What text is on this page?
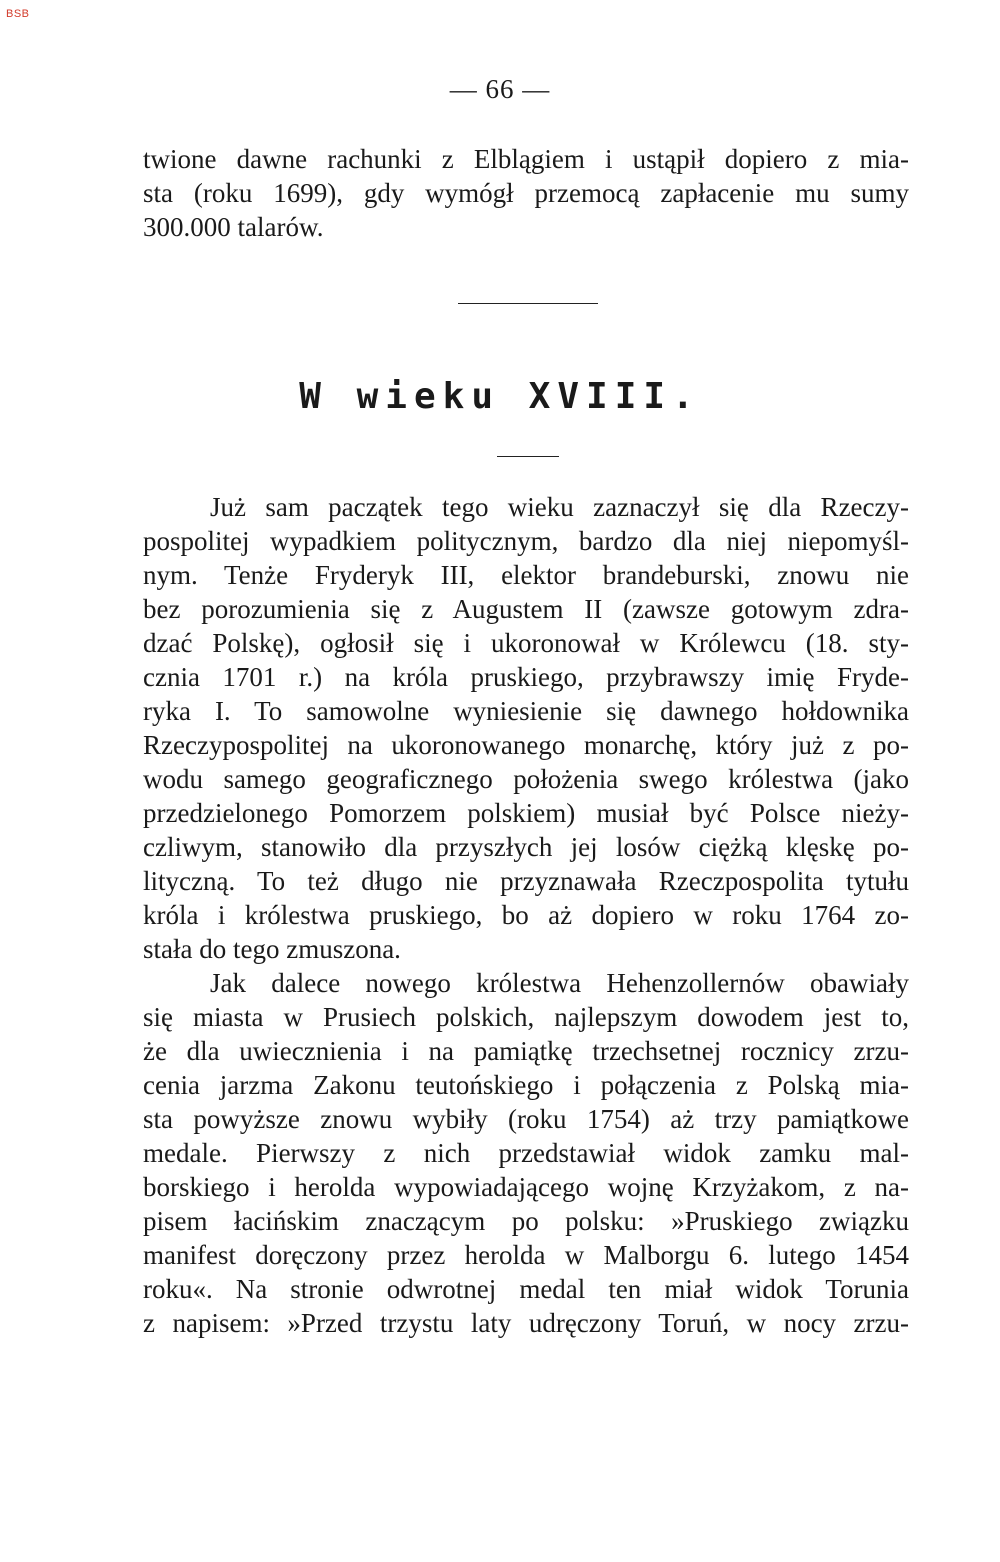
BSB
— 66 —
twione dawne rachunki z Elblągiem i ustąpił dopiero z mia-
sta (roku 1699), gdy wymógł przemocą zapłacenie mu sumy
300.000 talarów.
W wieku XVIII.
Już sam paczątek tego wieku zaznaczył się dla Rzeczy-
pospolitej wypadkiem politycznym, bardzo dla niej niepomyśl-
nym. Tenże Fryderyk III, elektor brandeburski, znowu nie
bez porozumienia się z Augustem II (zawsze gotowym zdra-
dzać Polskę), ogłosił się i ukoronował w Królewcu (18. sty-
cznia 1701 r.) na króla pruskiego, przybrawszy imię Fryde-
ryka I. To samowolne wyniesienie się dawnego hołdownika
Rzeczypospolitej na ukoronowanego monarchę, który już z po-
wodu samego geograficznego położenia swego królestwa (jako
przedzielonego Pomorzem polskiem) musiał być Polsce nieży-
czliwym, stanowiło dla przyszłych jej losów ciężką klęskę po-
lityczną. To też długo nie przyznawała Rzeczpospolita tytułu
króla i królestwa pruskiego, bo aż dopiero w roku 1764 zo-
stała do tego zmuszona.
Jak dalece nowego królestwa Hehenzollernów obawiały
się miasta w Prusiech polskich, najlepszym dowodem jest to,
że dla uwiecznienia i na pamiątkę trzechsetnej rocznicy zrzu-
cenia jarzma Zakonu teutońskiego i połączenia z Polską mia-
sta powyższe znowu wybiły (roku 1754) aż trzy pamiątkowe
medale. Pierwszy z nich przedstawiał widok zamku mal-
borskiego i herolda wypowiadającego wojnę Krzyżakom, z na-
pisem łacińskim znaczącym po polsku: »Pruskiego związku
manifest doręczony przez herolda w Malborgu 6. lutego 1454
roku«. Na stronie odwrotnej medal ten miał widok Torunia
z napisem: »Przed trzystu laty udręczony Toruń, w nocy zrzu-
